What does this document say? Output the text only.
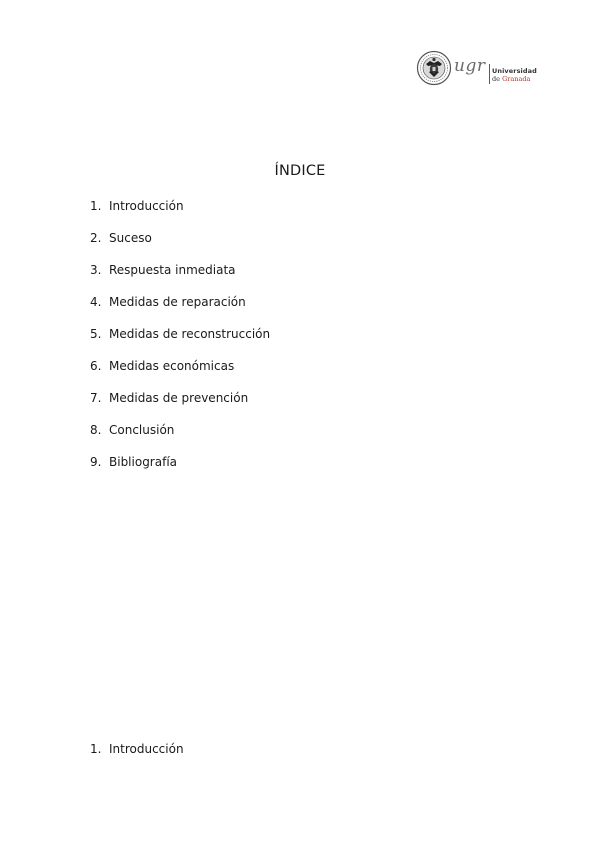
ugr Universidad
de Granada
ÍNDICE
1. Introducción
2. Suceso
3. Respuesta inmediata
4. Medidas de reparación
5. Medidas de reconstrucción
6. Medidas económicas
7. Medidas de prevención
8. Conclusión
9. Bibliografía
1. Introducción
